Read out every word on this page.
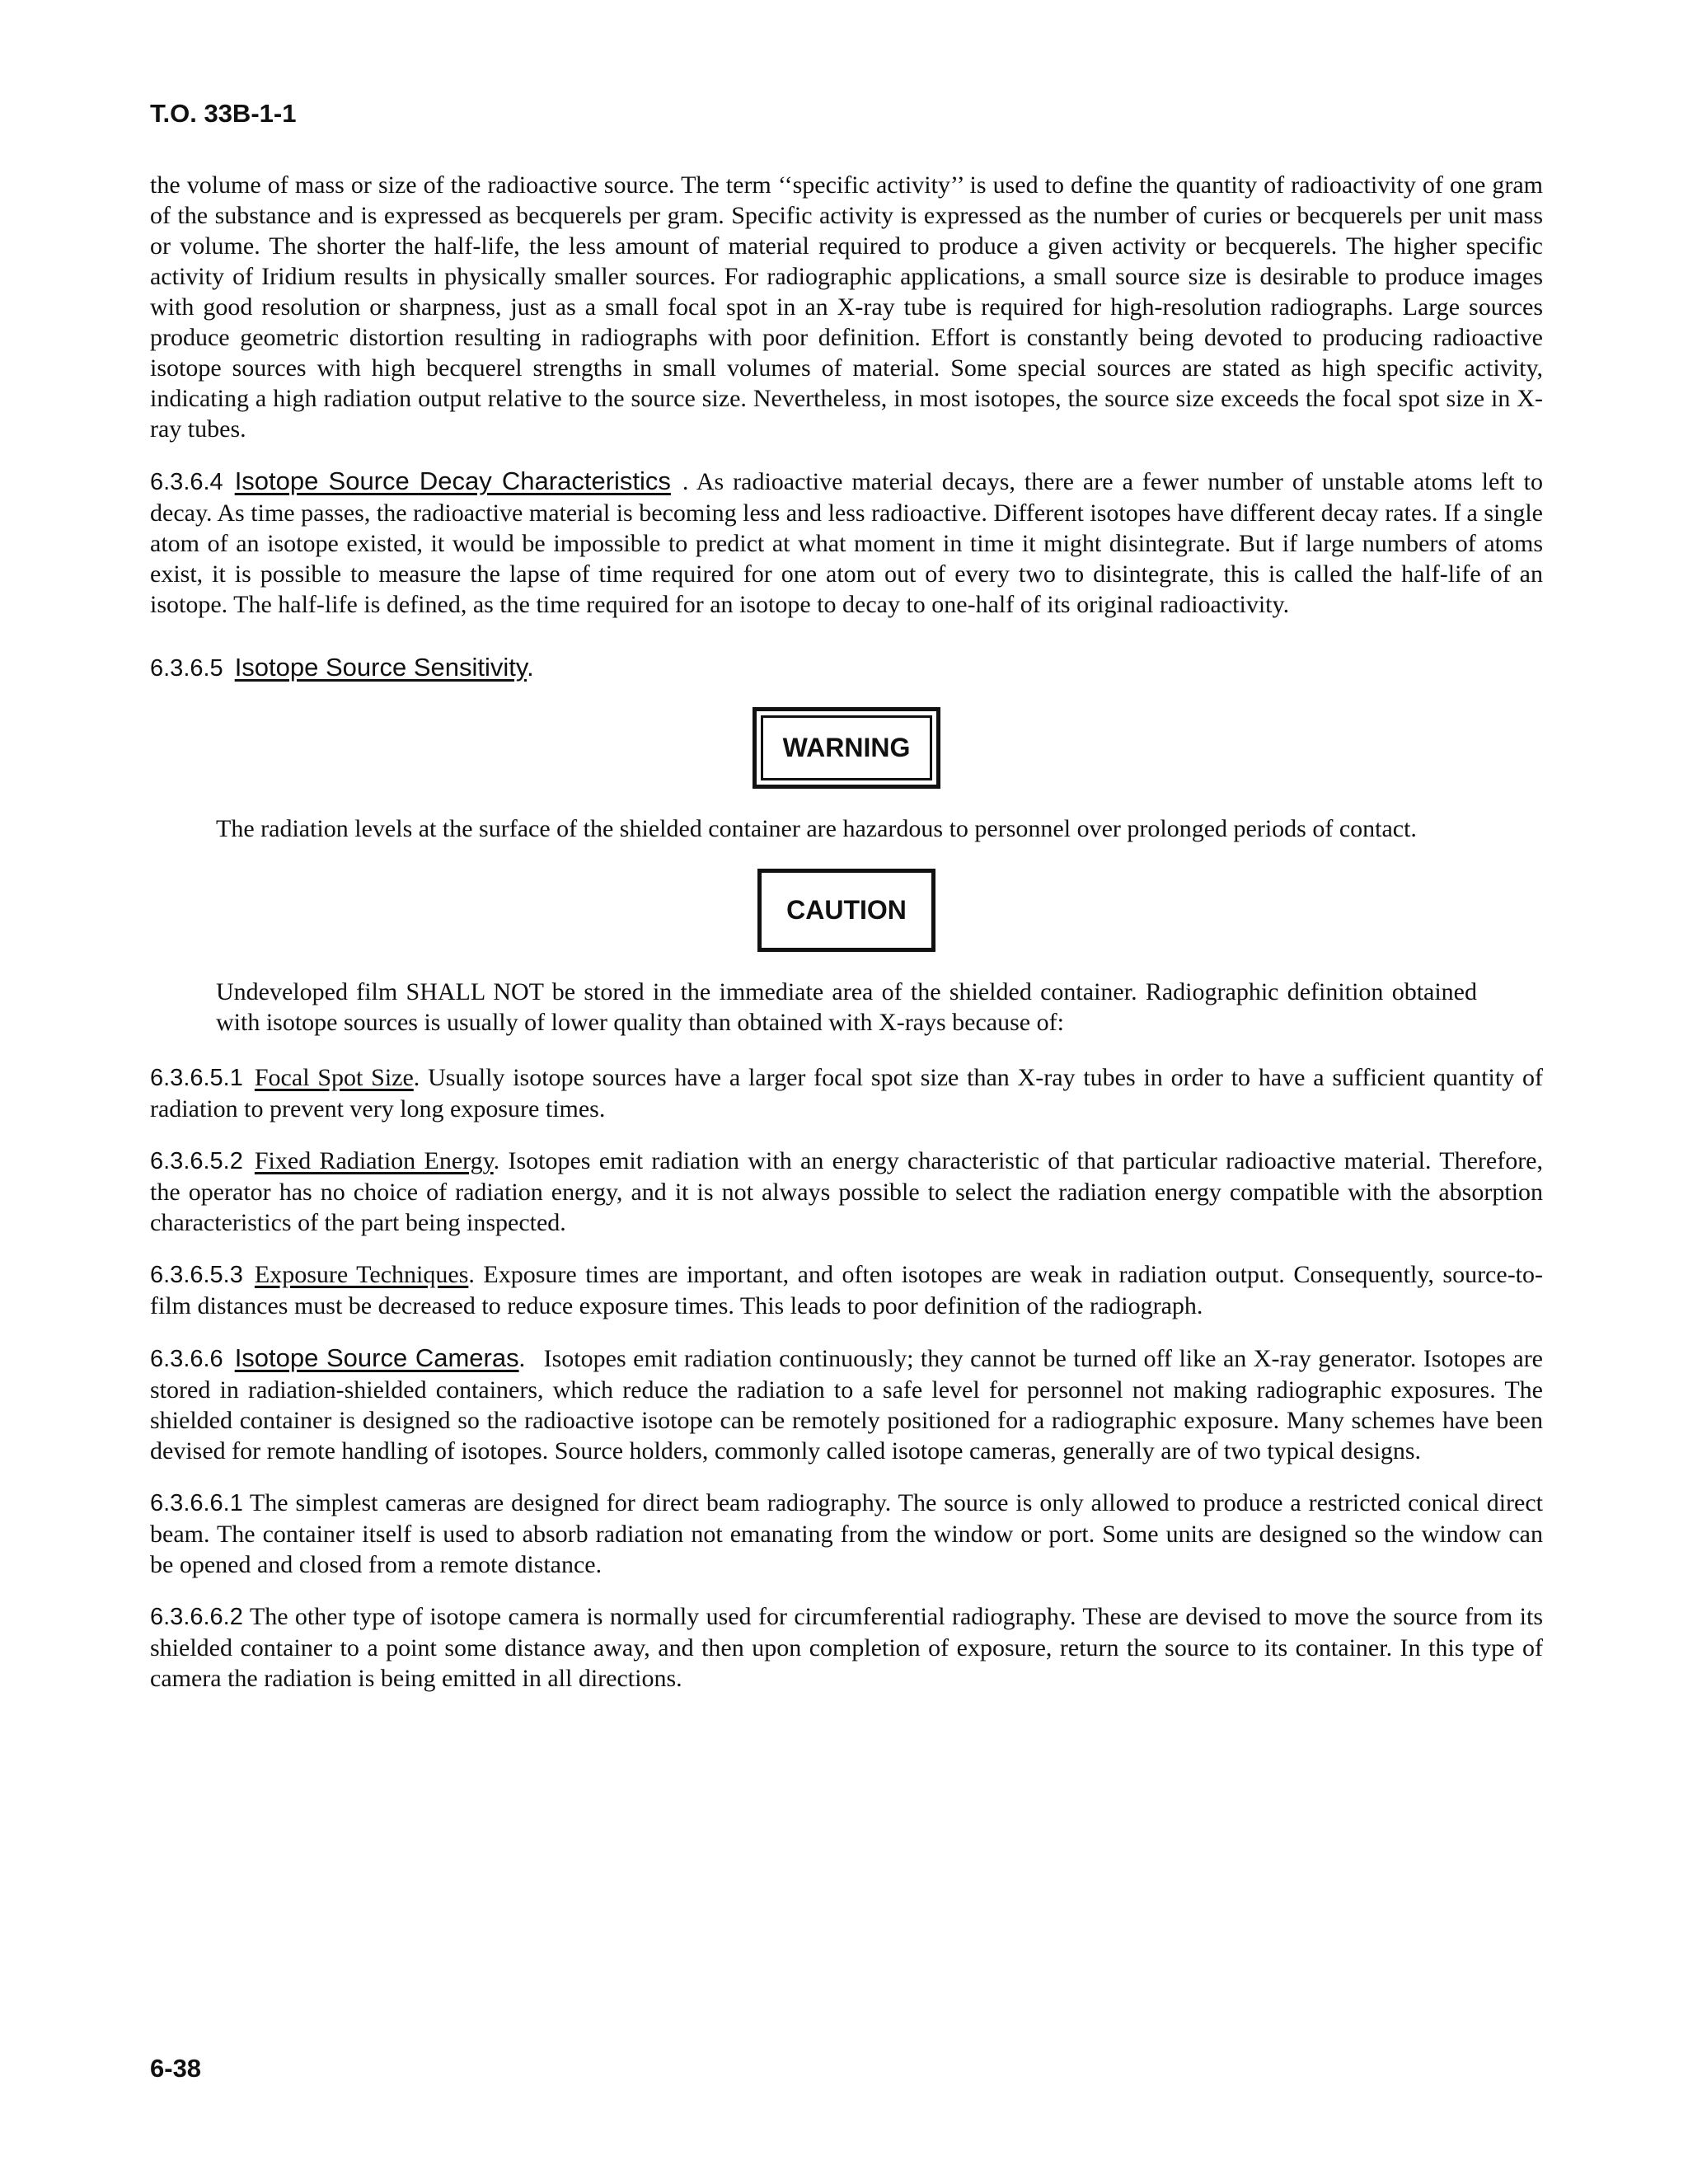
T.O. 33B-1-1

the volume of mass or size of the radioactive source. The term ‘‘specific activity’’ is used to define the quantity of radioactivity of one gram of the substance and is expressed as becquerels per gram. Specific activity is expressed as the number of curies or becquerels per unit mass or volume. The shorter the half-life, the less amount of material required to produce a given activity or becquerels. The higher specific activity of Iridium results in physically smaller sources. For radiographic applications, a small source size is desirable to produce images with good resolution or sharpness, just as a small focal spot in an X-ray tube is required for high-resolution radiographs. Large sources produce geometric distortion resulting in radiographs with poor definition. Effort is constantly being devoted to producing radioactive isotope sources with high becquerel strengths in small volumes of material. Some special sources are stated as high specific activity, indicating a high radiation output relative to the source size. Nevertheless, in most isotopes, the source size exceeds the focal spot size in X-ray tubes.

6.3.6.4 Isotope Source Decay Characteristics . As radioactive material decays, there are a fewer number of unstable atoms left to decay. As time passes, the radioactive material is becoming less and less radioactive. Different isotopes have different decay rates. If a single atom of an isotope existed, it would be impossible to predict at what moment in time it might disintegrate. But if large numbers of atoms exist, it is possible to measure the lapse of time required for one atom out of every two to disintegrate, this is called the half-life of an isotope. The half-life is defined, as the time required for an isotope to decay to one-half of its original radioactivity.

6.3.6.5 Isotope Source Sensitivity.
WARNING

The radiation levels at the surface of the shielded container are hazardous to personnel over prolonged periods of contact.

CAUTION

Undeveloped film SHALL NOT be stored in the immediate area of the shielded container. Radiographic definition obtained with isotope sources is usually of lower quality than obtained with X-rays because of:

6.3.6.5.1 Focal Spot Size. Usually isotope sources have a larger focal spot size than X-ray tubes in order to have a sufficient quantity of radiation to prevent very long exposure times.

6.3.6.5.2 Fixed Radiation Energy. Isotopes emit radiation with an energy characteristic of that particular radioactive material. Therefore, the operator has no choice of radiation energy, and it is not always possible to select the radiation energy compatible with the absorption characteristics of the part being inspected.

6.3.6.5.3 Exposure Techniques. Exposure times are important, and often isotopes are weak in radiation output. Consequently, source-to-film distances must be decreased to reduce exposure times. This leads to poor definition of the radiograph.

6.3.6.6 Isotope Source Cameras. Isotopes emit radiation continuously; they cannot be turned off like an X-ray generator. Isotopes are stored in radiation-shielded containers, which reduce the radiation to a safe level for personnel not making radiographic exposures. The shielded container is designed so the radioactive isotope can be remotely positioned for a radiographic exposure. Many schemes have been devised for remote handling of isotopes. Source holders, commonly called isotope cameras, generally are of two typical designs.

6.3.6.6.1 The simplest cameras are designed for direct beam radiography. The source is only allowed to produce a restricted conical direct beam. The container itself is used to absorb radiation not emanating from the window or port. Some units are designed so the window can be opened and closed from a remote distance.

6.3.6.6.2 The other type of isotope camera is normally used for circumferential radiography. These are devised to move the source from its shielded container to a point some distance away, and then upon completion of exposure, return the source to its container. In this type of camera the radiation is being emitted in all directions.

6-38
